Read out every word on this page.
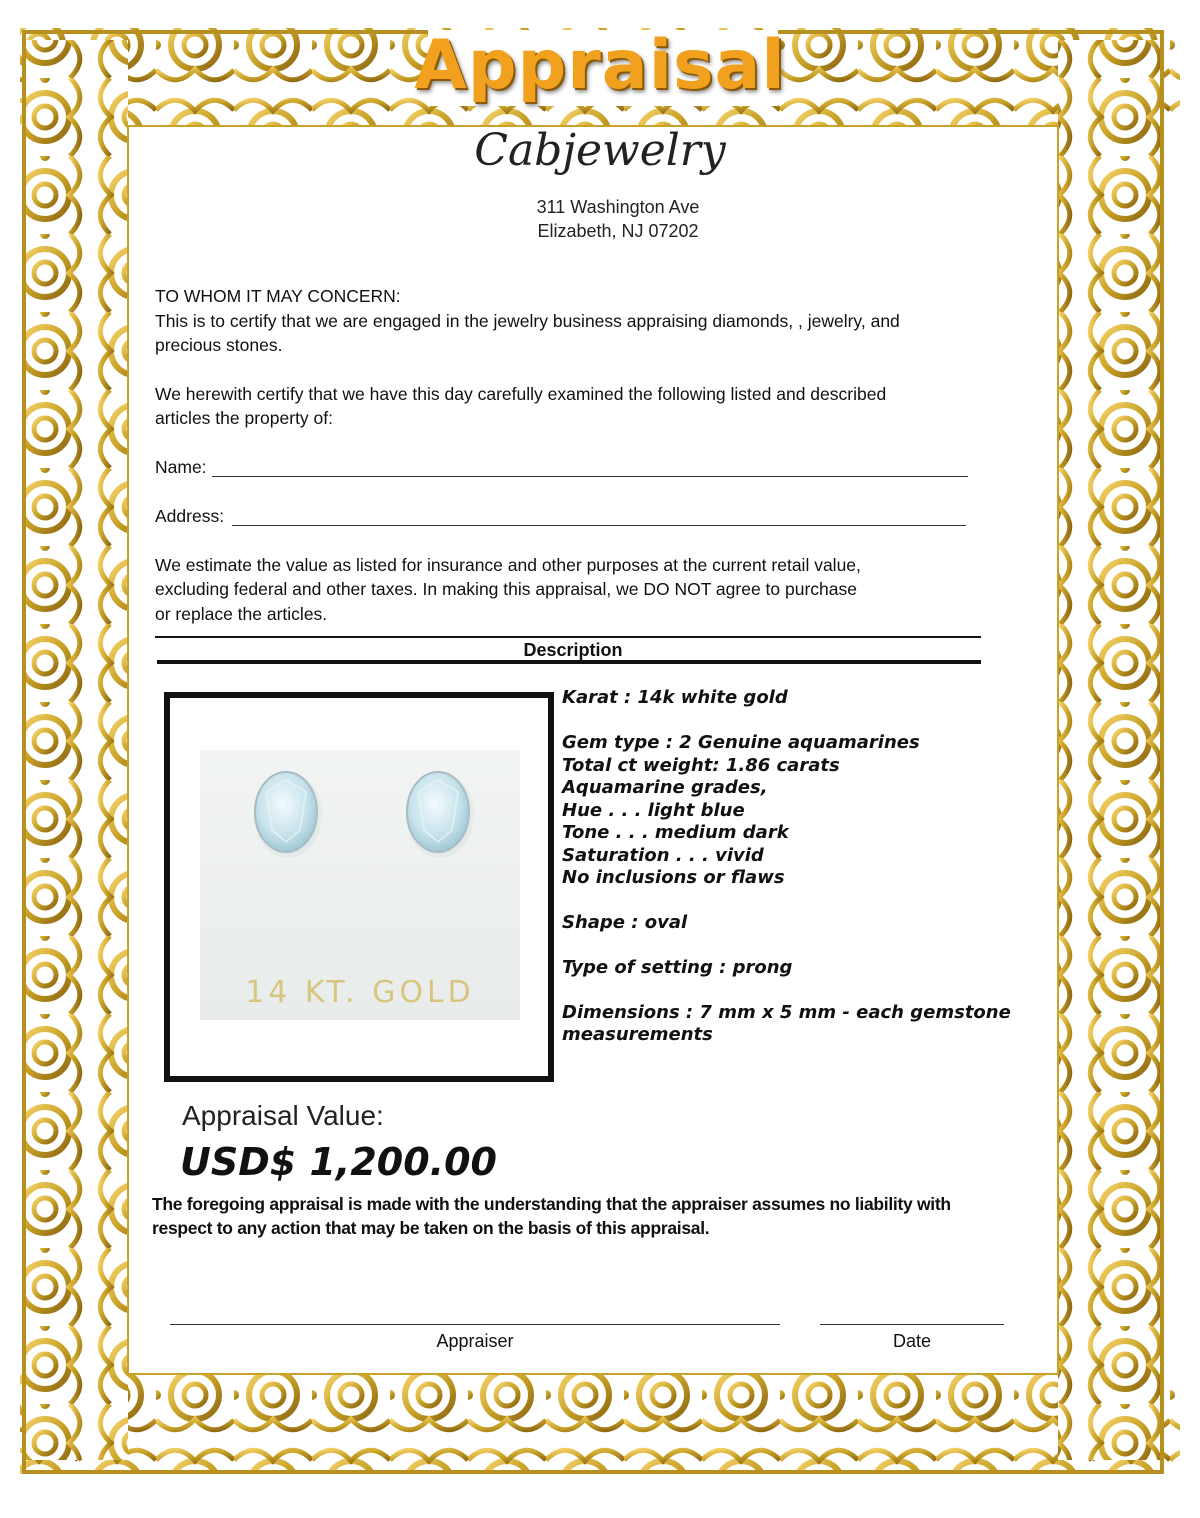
Appraisal
Cabjewelry
311 Washington Ave
Elizabeth, NJ 07202
TO WHOM IT MAY CONCERN:
This is to certify that we are engaged in the jewelry business appraising diamonds, , jewelry, and
precious stones.
We herewith certify that we have this day carefully examined the following listed and described
articles the property of:
Name:
Address:
We estimate the value as listed for insurance and other purposes at the current retail value,
excluding federal and other taxes. In making this appraisal, we DO NOT agree to purchase
or replace the articles.
Description
14 KT. GOLD
Karat : 14k white gold
Gem type : 2 Genuine aquamarines
Total ct weight: 1.86 carats
Aquamarine grades,
Hue . . . light blue
Tone . . . medium dark
Saturation . . . vivid
No inclusions or flaws
Shape : oval
Type of setting : prong
Dimensions : 7 mm x 5 mm - each gemstone
measurements
Appraisal Value:
USD$ 1,200.00
The foregoing appraisal is made with the understanding that the appraiser assumes no liability with
respect to any action that may be taken on the basis of this appraisal.
Appraiser	Date
